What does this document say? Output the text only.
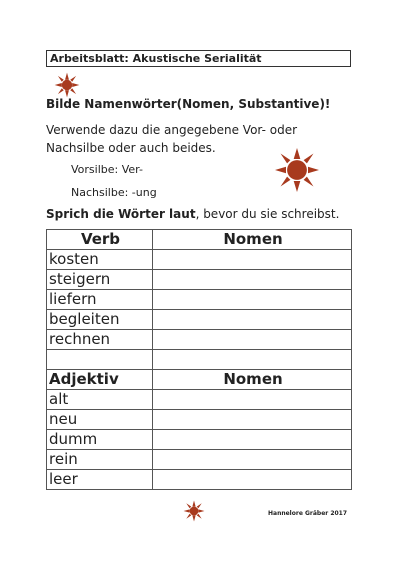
Arbeitsblatt: Akustische Serialität
Bilde Namenwörter(Nomen, Substantive)!
Verwende dazu die angegebene Vor- oder
Nachsilbe oder auch beides.
Vorsilbe: Ver-
Nachsilbe: -ung
Sprich die Wörter laut, bevor du sie schreibst.
Verb	Nomen
kosten	
steigern	
liefern	
begleiten	
rechnen	

Adjektiv	Nomen
alt	
neu	
dumm	
rein	
leer	
Hannelore Gräber 2017
